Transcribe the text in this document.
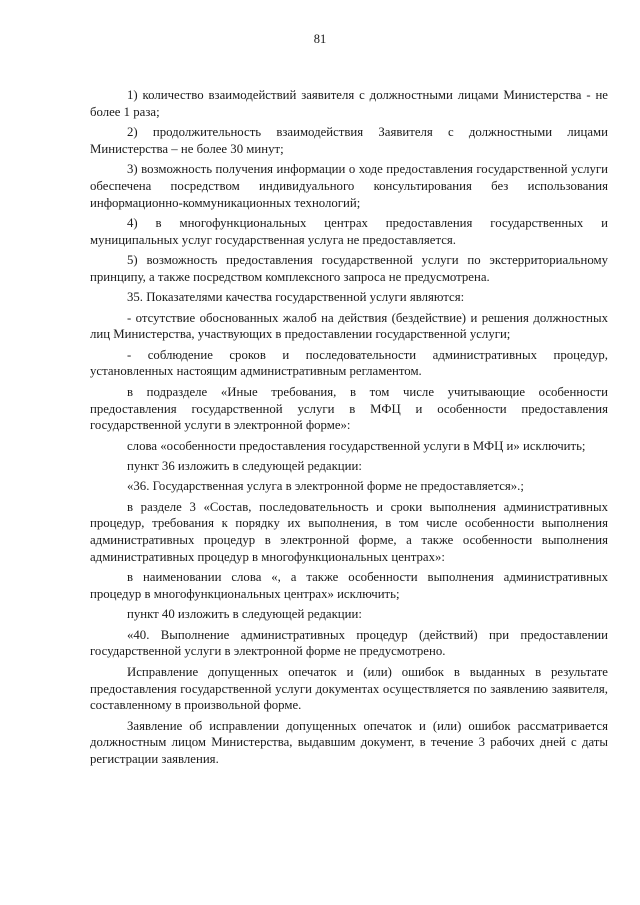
81

1) количество взаимодействий заявителя с должностными лицами Министерства - не более 1 раза;

2) продолжительность взаимодействия Заявителя с должностными лицами Министерства – не более 30 минут;

3) возможность получения информации о ходе предоставления государственной услуги обеспечена посредством индивидуального консультирования без использования информационно-коммуникационных технологий;

4) в многофункциональных центрах предоставления государственных и муниципальных услуг государственная услуга не предоставляется.

5) возможность предоставления государственной услуги по экстерриториальному принципу, а также посредством комплексного запроса не предусмотрена.

35. Показателями качества государственной услуги являются:

- отсутствие обоснованных жалоб на действия (бездействие) и решения должностных лиц Министерства, участвующих в предоставлении государственной услуги;

- соблюдение сроков и последовательности административных процедур, установленных настоящим административным регламентом.

в подразделе «Иные требования, в том числе учитывающие особенности предоставления государственной услуги в МФЦ и особенности предоставления государственной услуги в электронной форме»:

слова «особенности предоставления государственной услуги в МФЦ и» исключить;

пункт 36 изложить в следующей редакции:

«36. Государственная услуга в электронной форме не предоставляется».;

в разделе 3 «Состав, последовательность и сроки выполнения административных процедур, требования к порядку их выполнения, в том числе особенности выполнения административных процедур в электронной форме, а также особенности выполнения административных процедур в многофункциональных центрах»:

в наименовании слова «, а также особенности выполнения административных процедур в многофункциональных центрах» исключить;

пункт 40 изложить в следующей редакции:

«40. Выполнение административных процедур (действий) при предоставлении государственной услуги в электронной форме не предусмотрено.

Исправление допущенных опечаток и (или) ошибок в выданных в результате предоставления государственной услуги документах осуществляется по заявлению заявителя, составленному в произвольной форме.

Заявление об исправлении допущенных опечаток и (или) ошибок рассматривается должностным лицом Министерства, выдавшим документ, в течение 3 рабочих дней с даты регистрации заявления.
